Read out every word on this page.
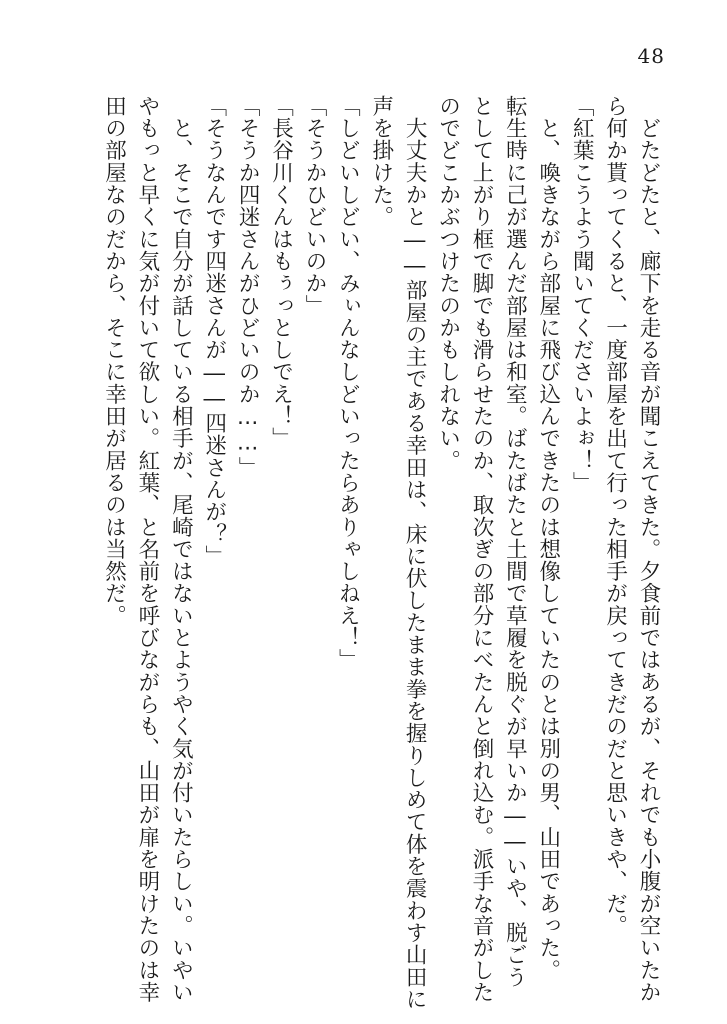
48
　どたどたと、廊下を走る音が聞こえてきた。夕食前ではあるが、それでも小腹が空いたか
ら何か貰ってくると、一度部屋を出て行った相手が戻ってきだのだと思いきや、だ。
「紅葉こうよう聞いてくださいよぉ！」
　と、喚きながら部屋に飛び込んできたのは想像していたのとは別の男、山田であった。
転生時に己が選んだ部屋は和室。ばたばたと土間で草履を脱ぐが早いか――いや、脱ごう
として上がり框で脚でも滑らせたのか、取次ぎの部分にべたんと倒れ込む。派手な音がした
のでどこかぶつけたのかもしれない。
　大丈夫かと――部屋の主である幸田は、床に伏したまま拳を握りしめて体を震わす山田に
声を掛けた。
「しどいしどい、みぃんなしどいったらありゃしねえ！」
「そうかひどいのか」
「長谷川くんはもぅっとしでえ！」
「そうか四迷さんがひどいのか……」
「そうなんです四迷さんが――四迷さんが？」
　と、そこで自分が話している相手が、尾崎ではないとようやく気が付いたらしい。いやい
やもっと早くに気が付いて欲しい。紅葉、と名前を呼びながらも、山田が扉を明けたのは幸
田の部屋なのだから、そこに幸田が居るのは当然だ。
